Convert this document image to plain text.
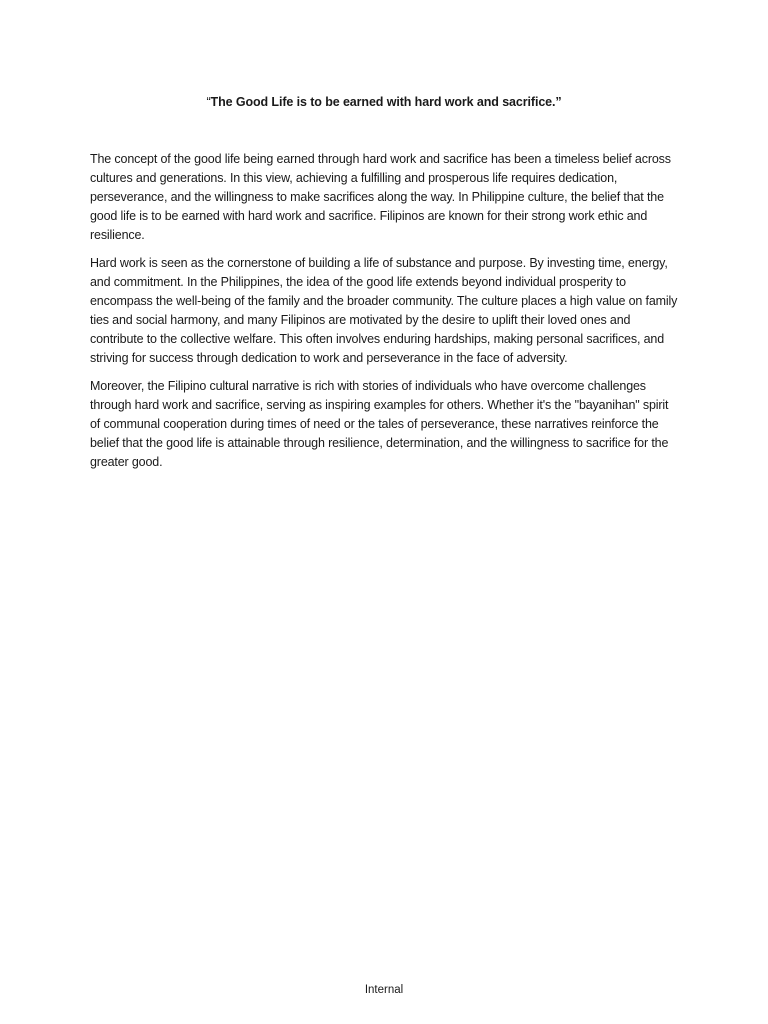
“The Good Life is to be earned with hard work and sacrifice.”

The concept of the good life being earned through hard work and sacrifice has been a timeless belief across cultures and generations. In this view, achieving a fulfilling and prosperous life requires dedication, perseverance, and the willingness to make sacrifices along the way. In Philippine culture, the belief that the good life is to be earned with hard work and sacrifice. Filipinos are known for their strong work ethic and resilience.

Hard work is seen as the cornerstone of building a life of substance and purpose. By investing time, energy, and commitment. In the Philippines, the idea of the good life extends beyond individual prosperity to encompass the well-being of the family and the broader community. The culture places a high value on family ties and social harmony, and many Filipinos are motivated by the desire to uplift their loved ones and contribute to the collective welfare. This often involves enduring hardships, making personal sacrifices, and striving for success through dedication to work and perseverance in the face of adversity.

Moreover, the Filipino cultural narrative is rich with stories of individuals who have overcome challenges through hard work and sacrifice, serving as inspiring examples for others. Whether it's the "bayanihan" spirit of communal cooperation during times of need or the tales of perseverance, these narratives reinforce the belief that the good life is attainable through resilience, determination, and the willingness to sacrifice for the greater good.

Internal
